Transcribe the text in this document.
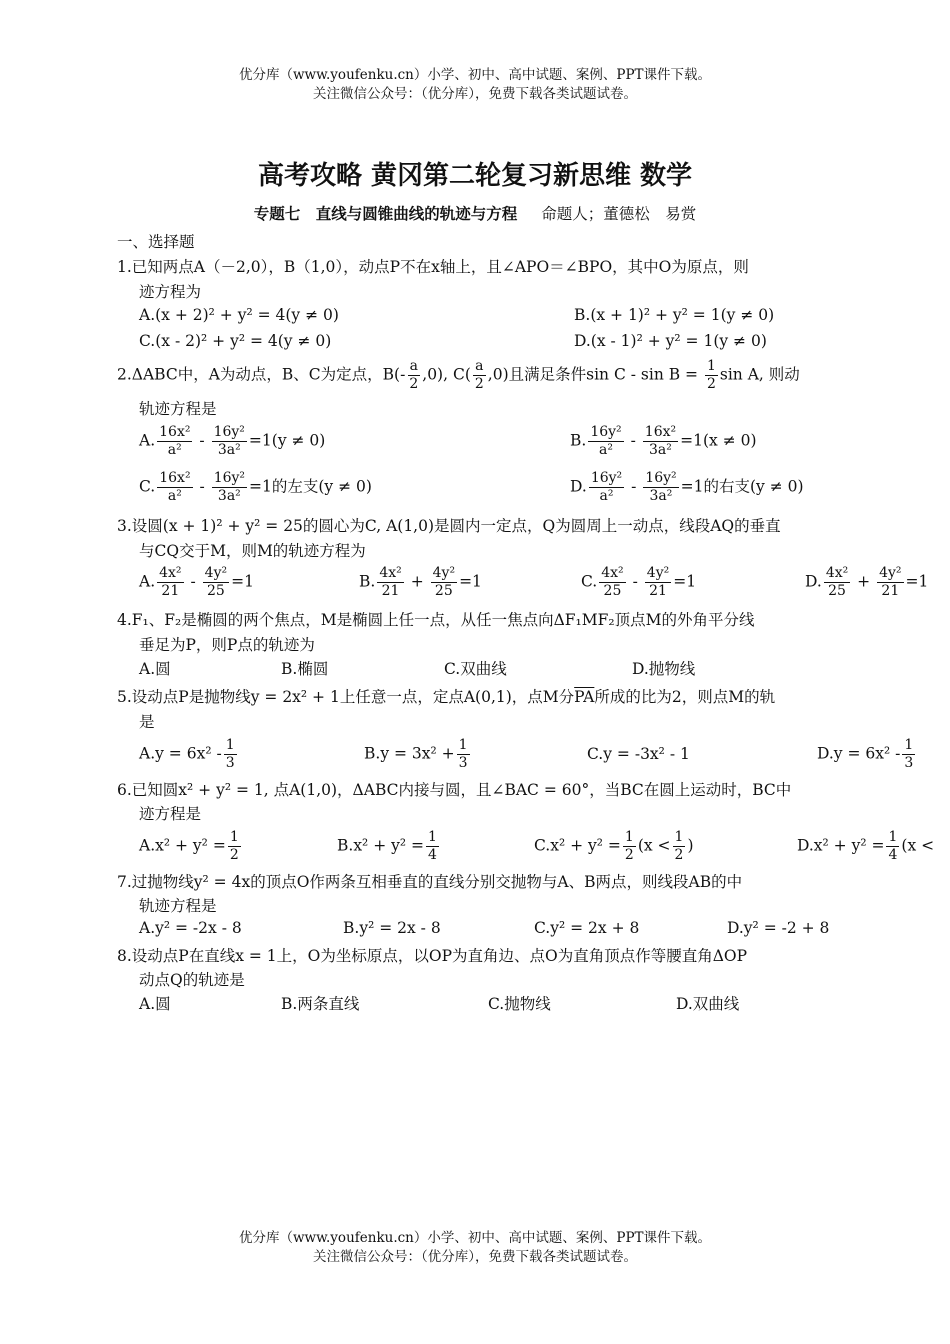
优分库（www.youfenku.cn）小学、初中、高中试题、案例、PPT课件下载。
关注微信公众号：（优分库），免费下载各类试题试卷。
高考攻略 黄冈第二轮复习新思维 数学
专题七　直线与圆锥曲线的轨迹与方程 命题人；董德松　易赏
一、选择题
1.已知两点A（－2,0），B（1,0），动点P不在x轴上，且∠APO＝∠BPO，其中O为原点，则
迹方程为
A.(x + 2)² + y² = 4(y ≠ 0)	B.(x + 1)² + y² = 1(y ≠ 0)
C.(x - 2)² + y² = 4(y ≠ 0)	D.(x - 1)² + y² = 1(y ≠ 0)
2.ΔABC中，A为动点，B、C为定点，$B(- \frac{a}{2} ,0)$, $C( \frac{a}{2} ,0)$且满足条件$\sin C - \sin B = \frac{1}{2}$ sin A, 则动
轨迹方程是
A. $\frac{\text{16x²}}{\text{a²}} - \frac{\text{16y²}}{\text{3a²}} =1(y \ne 0)$	B. $\frac{\text{16y²}}{\text{a²}} - \frac{\text{16x²}}{\text{3a²}} =1(x \ne 0)$
C. $\frac{\text{16x²}}{\text{a²}} - \frac{\text{16y²}}{\text{3a²}} =1$的左支(y ≠ 0)	D. $\frac{\text{16y²}}{\text{a²}} - \frac{\text{16y²}}{\text{3a²}} =1$的右支(y ≠ 0)
3.设圆(x + 1)² + y² = 25的圆心为C, A(1,0)是圆内一定点，Q为圆周上一动点，线段AQ的垂直
与CQ交于M，则M的轨迹方程为
A. $\frac{\text{4x²}}{21} - \frac{\text{4y²}}{25} =1$	B. $\frac{\text{4x²}}{21} + \frac{\text{4y²}}{25} =1$	C. $\frac{\text{4x²}}{25} - \frac{\text{4y²}}{21} =1$	D. $\frac{\text{4x²}}{25} + \frac{\text{4y²}}{21} =1$
4.F₁、F₂是椭圆的两个焦点，M是椭圆上任一点，从任一焦点向ΔF₁MF₂顶点M的外角平分线
垂足为P，则P点的轨迹为
A.圆	B.椭圆	C.双曲线	D.抛物线
5.设动点P是抛物线y = 2x² + 1上任意一点，定点A(0,1)，点M分$\overline{PA}$所成的比为2，则点M的轨
是
$A.y = 6x^2 - \frac{1}{3}$	$B.y = 3x^2 + \frac{1}{3}$	C.y = -3x² - 1	$D.y = 6x^2 - \frac{1}{3}$
6.已知圆x² + y² = 1, 点A(1,0)，ΔABC内接与圆，且∠BAC = 60°，当BC在圆上运动时，BC中
迹方程是
$A.x^2 + y^2 = \frac{1}{2}$	$B.x^2 + y^2 = \frac{1}{4}$	$C.x^2 + y^2 = \frac{1}{2} (x < \frac{1}{2}$ )	$D.x^2 + y^2 = \frac{1}{4} (x$ <
7.过抛物线y² = 4x的顶点O作两条互相垂直的直线分别交抛物与A、B两点，则线段AB的中
轨迹方程是
A.y² = -2x - 8	B.y² = 2x - 8	C.y² = 2x + 8	D.y² = -2 + 8
8.设动点P在直线x = 1上，O为坐标原点，以OP为直角边、点O为直角顶点作等腰直角ΔOP
动点Q的轨迹是
A.圆	B.两条直线	C.抛物线	D.双曲线
优分库（www.youfenku.cn）小学、初中、高中试题、案例、PPT课件下载。
关注微信公众号：（优分库），免费下载各类试题试卷。
